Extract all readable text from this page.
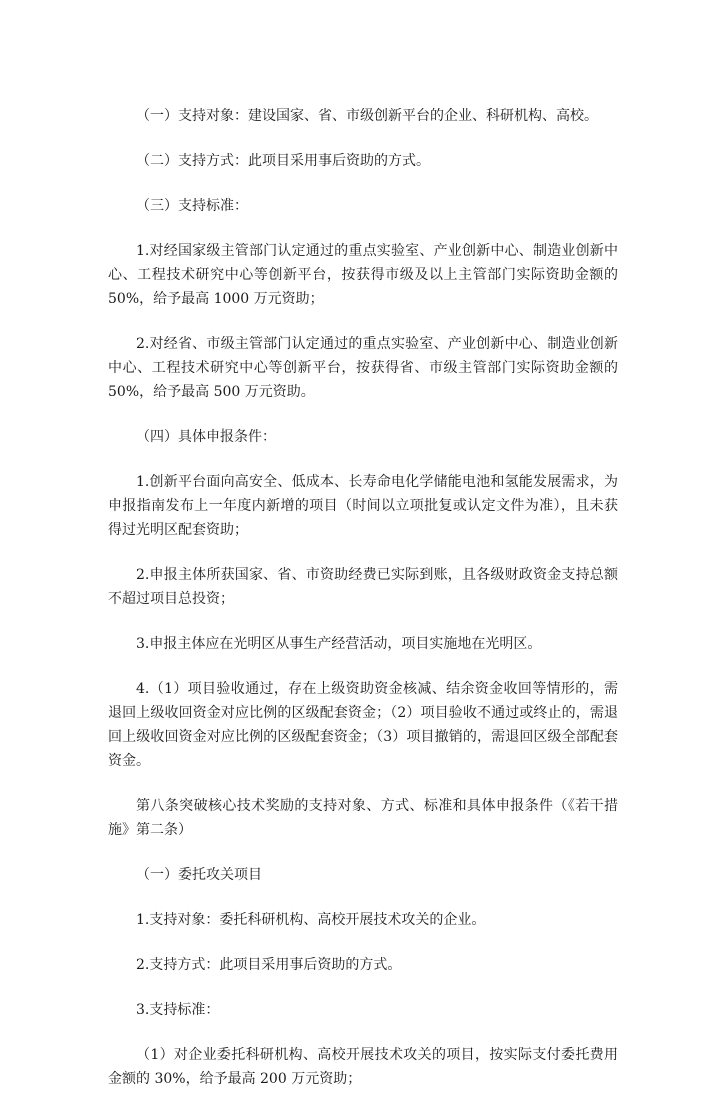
（一）支持对象：建设国家、省、市级创新平台的企业、科研机构、高校。

（二）支持方式：此项目采用事后资助的方式。

（三）支持标准：

1.对经国家级主管部门认定通过的重点实验室、产业创新中心、制造业创新中心、工程技术研究中心等创新平台，按获得市级及以上主管部门实际资助金额的 50%，给予最高 1000 万元资助；

2.对经省、市级主管部门认定通过的重点实验室、产业创新中心、制造业创新中心、工程技术研究中心等创新平台，按获得省、市级主管部门实际资助金额的 50%，给予最高 500 万元资助。

（四）具体申报条件：

1.创新平台面向高安全、低成本、长寿命电化学储能电池和氢能发展需求，为申报指南发布上一年度内新增的项目（时间以立项批复或认定文件为准），且未获得过光明区配套资助；

2.申报主体所获国家、省、市资助经费已实际到账，且各级财政资金支持总额不超过项目总投资；

3.申报主体应在光明区从事生产经营活动，项目实施地在光明区。

4.（1）项目验收通过，存在上级资助资金核减、结余资金收回等情形的，需退回上级收回资金对应比例的区级配套资金；（2）项目验收不通过或终止的，需退回上级收回资金对应比例的区级配套资金；（3）项目撤销的，需退回区级全部配套资金。

第八条突破核心技术奖励的支持对象、方式、标准和具体申报条件（《若干措施》第二条）

（一）委托攻关项目

1.支持对象：委托科研机构、高校开展技术攻关的企业。

2.支持方式：此项目采用事后资助的方式。

3.支持标准：

（1）对企业委托科研机构、高校开展技术攻关的项目，按实际支付委托费用金额的 30%，给予最高 200 万元资助；
